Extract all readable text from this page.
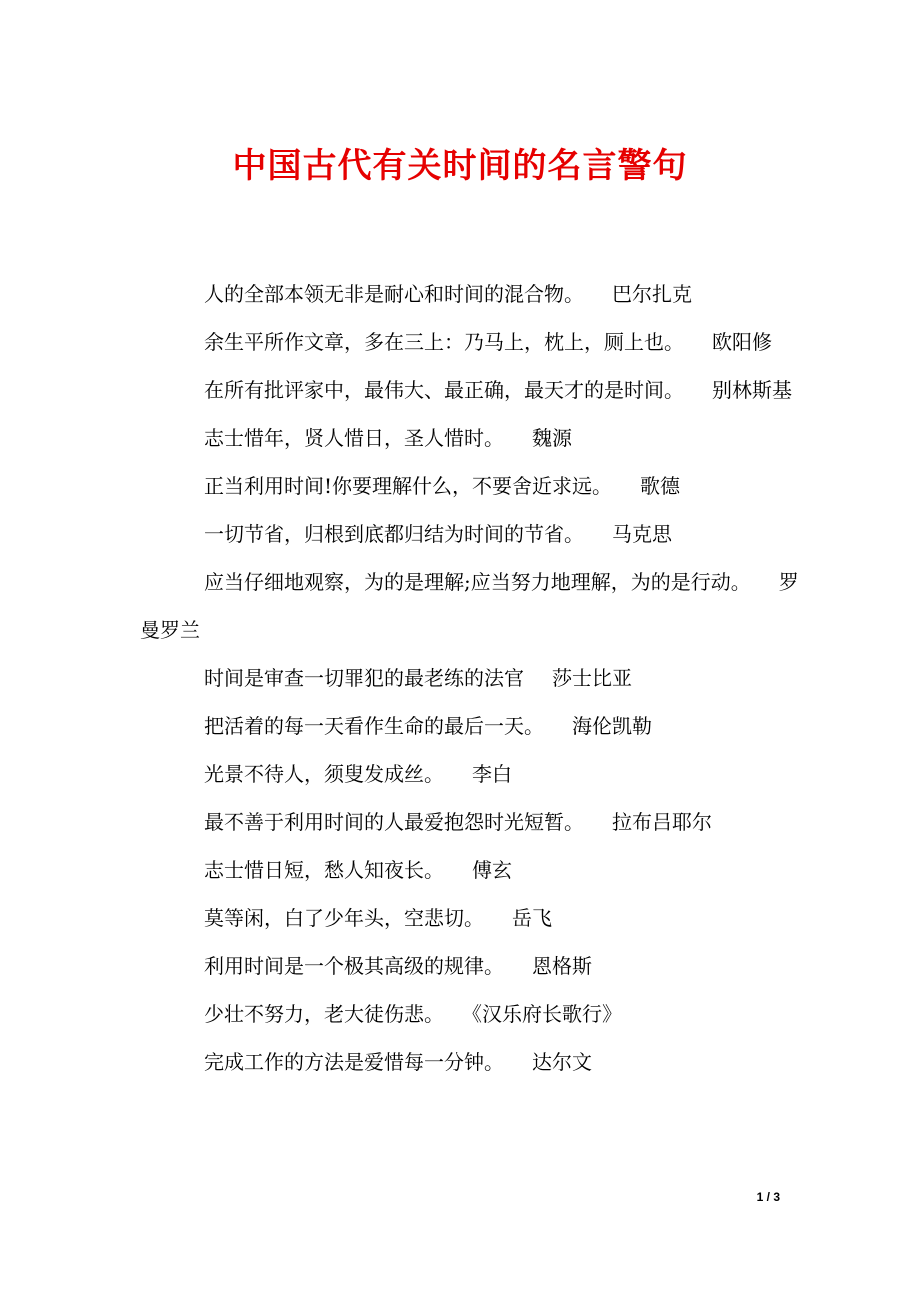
中国古代有关时间的名言警句

人的全部本领无非是耐心和时间的混合物。 巴尔扎克

余生平所作文章，多在三上：乃马上，枕上，厕上也。 欧阳修

在所有批评家中，最伟大、最正确，最天才的是时间。 别林斯基

志士惜年，贤人惜日，圣人惜时。 魏源

正当利用时间!你要理解什么，不要舍近求远。 歌德

一切节省，归根到底都归结为时间的节省。 马克思

应当仔细地观察，为的是理解;应当努力地理解，为的是行动。 罗曼罗兰

时间是审查一切罪犯的最老练的法官 莎士比亚

把活着的每一天看作生命的最后一天。 海伦凯勒

光景不待人，须叟发成丝。 李白

最不善于利用时间的人最爱抱怨时光短暂。 拉布吕耶尔

志士惜日短，愁人知夜长。 傅玄

莫等闲，白了少年头，空悲切。 岳飞

利用时间是一个极其高级的规律。 恩格斯

少壮不努力，老大徒伤悲。 《汉乐府长歌行》

完成工作的方法是爱惜每一分钟。 达尔文

1 / 3
